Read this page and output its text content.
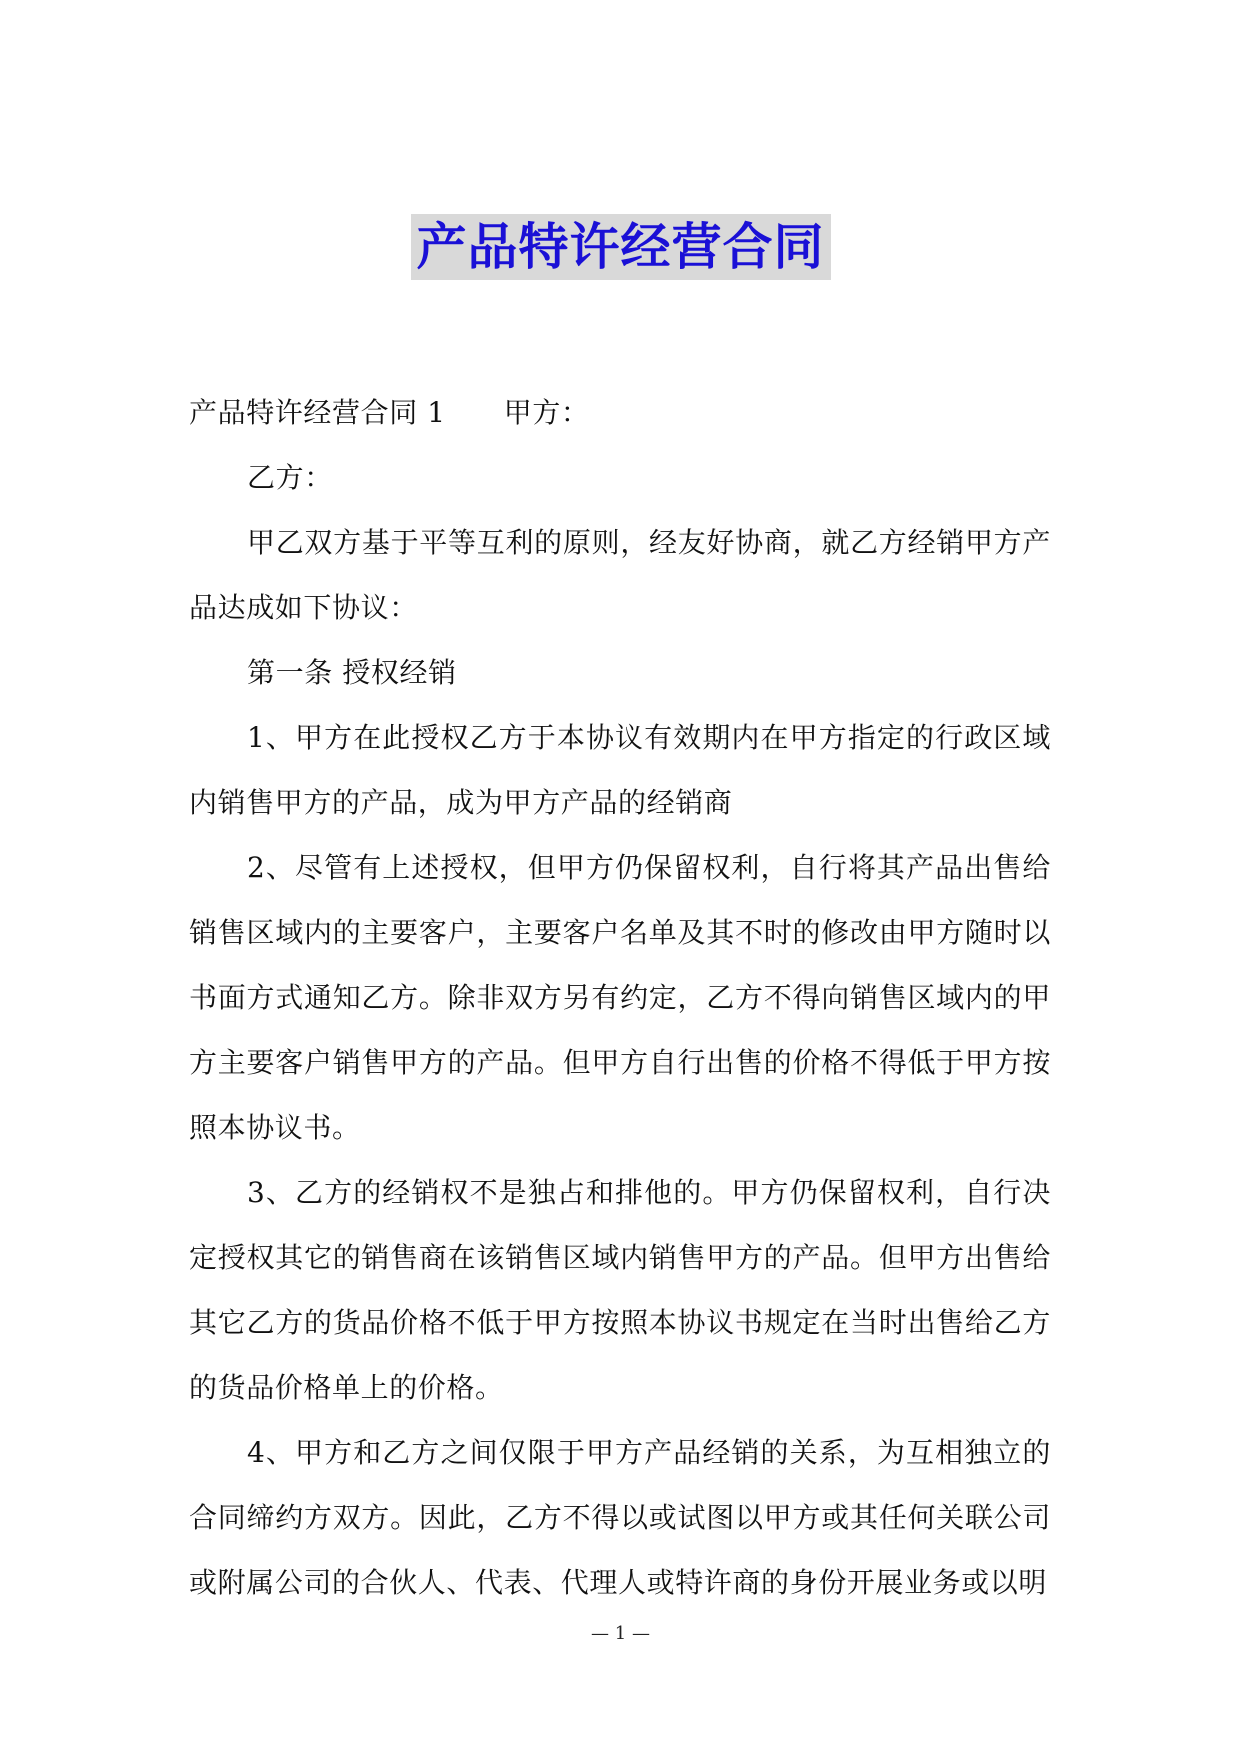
产品特许经营合同

产品特许经营合同 1 甲方：

乙方：

甲乙双方基于平等互利的原则，经友好协商，就乙方经销甲方产品达成如下协议：

第一条 授权经销

1、甲方在此授权乙方于本协议有效期内在甲方指定的行政区域内销售甲方的产品，成为甲方产品的经销商

2、尽管有上述授权，但甲方仍保留权利，自行将其产品出售给销售区域内的主要客户，主要客户名单及其不时的修改由甲方随时以书面方式通知乙方。除非双方另有约定，乙方不得向销售区域内的甲方主要客户销售甲方的产品。但甲方自行出售的价格不得低于甲方按照本协议书。

3、乙方的经销权不是独占和排他的。甲方仍保留权利，自行决定授权其它的销售商在该销售区域内销售甲方的产品。但甲方出售给其它乙方的货品价格不低于甲方按照本协议书规定在当时出售给乙方的货品价格单上的价格。

4、甲方和乙方之间仅限于甲方产品经销的关系，为互相独立的合同缔约方双方。因此，乙方不得以或试图以甲方或其任何关联公司或附属公司的合伙人、代表、代理人或特许商的身份开展业务或以明

— 1 —
